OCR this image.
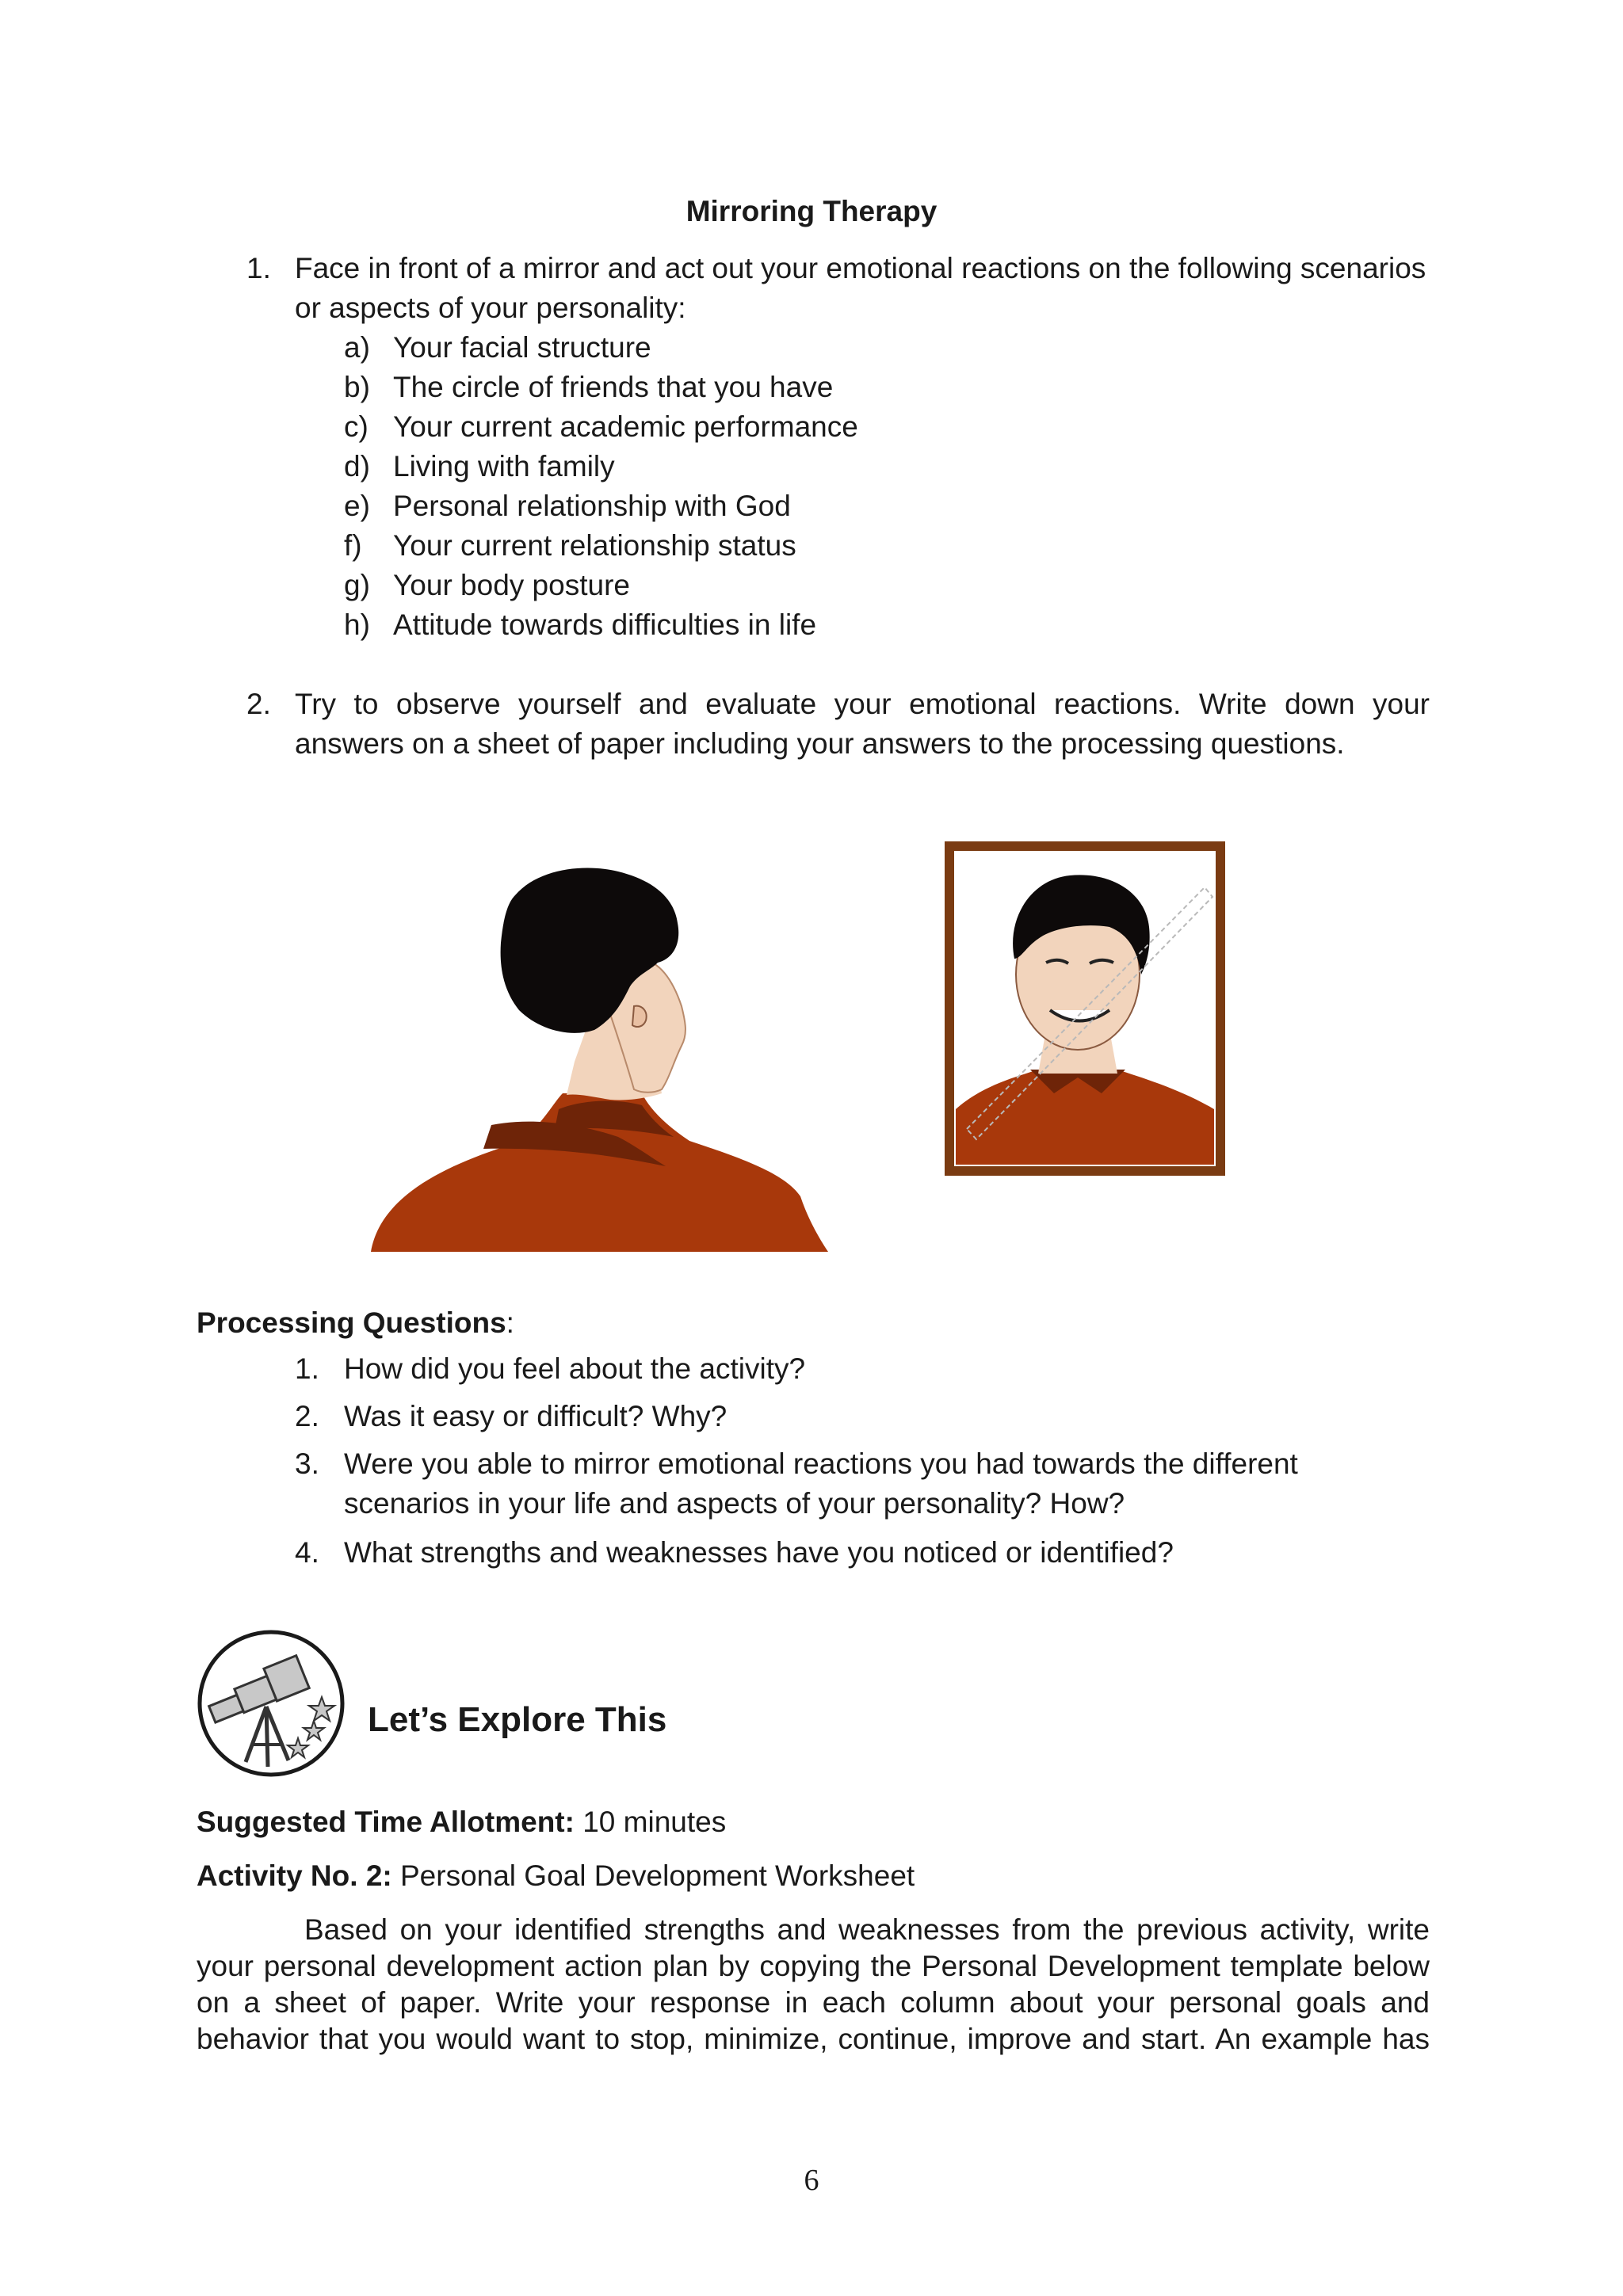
Mirroring Therapy
1. Face in front of a mirror and act out your emotional reactions on the following scenarios
or aspects of your personality:
a) Your facial structure
b) The circle of friends that you have
c) Your current academic performance
d) Living with family
e) Personal relationship with God
f) Your current relationship status
g) Your body posture
h) Attitude towards difficulties in life
2. Try to observe yourself and evaluate your emotional reactions. Write down your
answers on a sheet of paper including your answers to the processing questions.
Processing Questions:
1. How did you feel about the activity?
2. Was it easy or difficult? Why?
3. Were you able to mirror emotional reactions you had towards the different
scenarios in your life and aspects of your personality? How?
4. What strengths and weaknesses have you noticed or identified?
Let’s Explore This
Suggested Time Allotment: 10 minutes
Activity No. 2: Personal Goal Development Worksheet
Based on your identified strengths and weaknesses from the previous activity, write
your personal development action plan by copying the Personal Development template below
on a sheet of paper. Write your response in each column about your personal goals and
behavior that you would want to stop, minimize, continue, improve and start. An example has
6
